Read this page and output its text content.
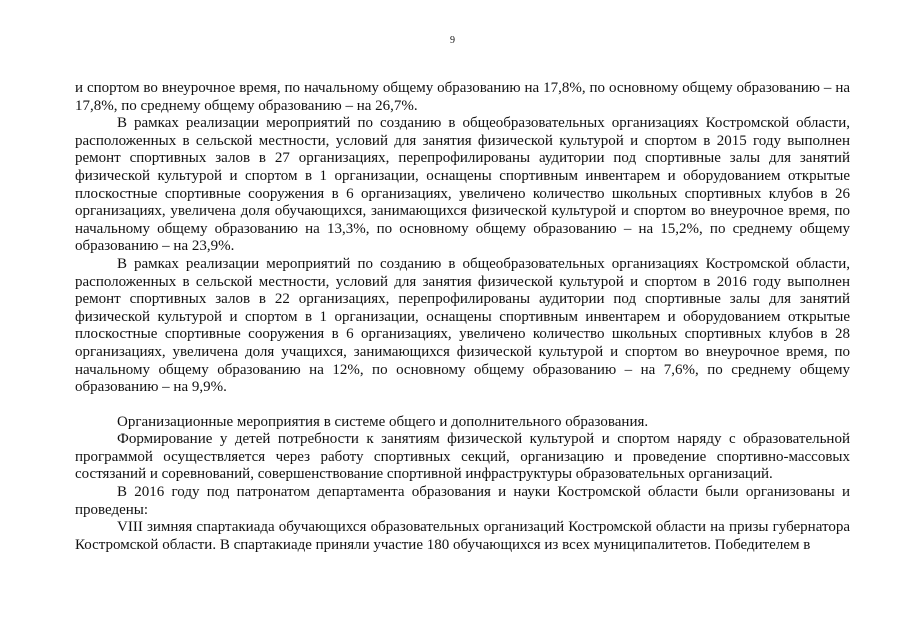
9

и спортом во внеурочное время, по начальному общему образованию на 17,8%, по основному общему образованию – на 17,8%, по среднему общему образованию – на 26,7%.

В рамках реализации мероприятий по созданию в общеобразовательных организациях Костромской области, расположенных в сельской местности, условий для занятия физической культурой и спортом в 2015 году выполнен ремонт спортивных залов в 27 организациях, перепрофилированы аудитории под спортивные залы для занятий физической культурой и спортом в 1 организации, оснащены спортивным инвентарем и оборудованием открытые плоскостные спортивные сооружения в 6 организациях, увеличено количество школьных спортивных клубов в 26 организациях, увеличена доля обучающихся, занимающихся физической культурой и спортом во внеурочное время, по начальному общему образованию на 13,3%, по основному общему образованию – на 15,2%, по среднему общему образованию – на 23,9%.

В рамках реализации мероприятий по созданию в общеобразовательных организациях Костромской области, расположенных в сельской местности, условий для занятия физической культурой и спортом в 2016 году выполнен ремонт спортивных залов в 22 организациях, перепрофилированы аудитории под спортивные залы для занятий физической культурой и спортом в 1 организации, оснащены спортивным инвентарем и оборудованием открытые плоскостные спортивные сооружения в 6 организациях, увеличено количество школьных спортивных клубов в 28 организациях, увеличена доля учащихся, занимающихся физической культурой и спортом во внеурочное время, по начальному общему образованию на 12%, по основному общему образованию – на 7,6%, по среднему общему образованию – на 9,9%.

Организационные мероприятия в системе общего и дополнительного образования.

Формирование у детей потребности к занятиям физической культурой и спортом наряду с образовательной программой осуществляется через работу спортивных секций, организацию и проведение спортивно-массовых состязаний и соревнований, совершенствование спортивной инфраструктуры образовательных организаций.

В 2016 году под патронатом департамента образования и науки Костромской области были организованы и проведены:

VIII зимняя спартакиада обучающихся образовательных организаций Костромской области на призы губернатора Костромской области. В спартакиаде приняли участие 180 обучающихся из всех муниципалитетов. Победителем в
